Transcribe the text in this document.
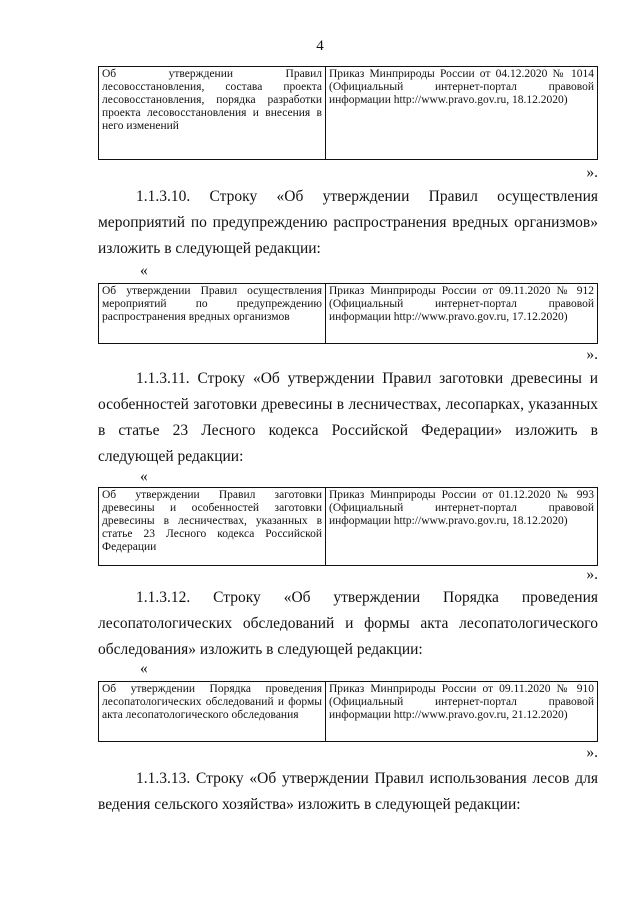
4
Об утверждении Правил лесовосстановления, состава проекта лесовосстановления, порядка разработки проекта лесовосстановления и внесения в него изменений	Приказ Минприроды России от 04.12.2020 № 1014 (Официальный интернет-портал правовой информации http://www.pravo.gov.ru, 18.12.2020)
».
1.1.3.10. Строку «Об утверждении Правил осуществления мероприятий по предупреждению распространения вредных организмов» изложить в следующей редакции:
«
Об утверждении Правил осуществления мероприятий по предупреждению распространения вредных организмов	Приказ Минприроды России от 09.11.2020 № 912 (Официальный интернет-портал правовой информации http://www.pravo.gov.ru, 17.12.2020)
».
1.1.3.11. Строку «Об утверждении Правил заготовки древесины и особенностей заготовки древесины в лесничествах, лесопарках, указанных в статье 23 Лесного кодекса Российской Федерации» изложить в следующей редакции:
«
Об утверждении Правил заготовки древесины и особенностей заготовки древесины в лесничествах, указанных в статье 23 Лесного кодекса Российской Федерации	Приказ Минприроды России от 01.12.2020 № 993 (Официальный интернет-портал правовой информации http://www.pravo.gov.ru, 18.12.2020)
».
1.1.3.12. Строку «Об утверждении Порядка проведения лесопатологических обследований и формы акта лесопатологического обследования» изложить в следующей редакции:
«
Об утверждении Порядка проведения лесопатологических обследований и формы акта лесопатологического обследования	Приказ Минприроды России от 09.11.2020 № 910 (Официальный интернет-портал правовой информации http://www.pravo.gov.ru, 21.12.2020)
».
1.1.3.13. Строку «Об утверждении Правил использования лесов для ведения сельского хозяйства» изложить в следующей редакции:
